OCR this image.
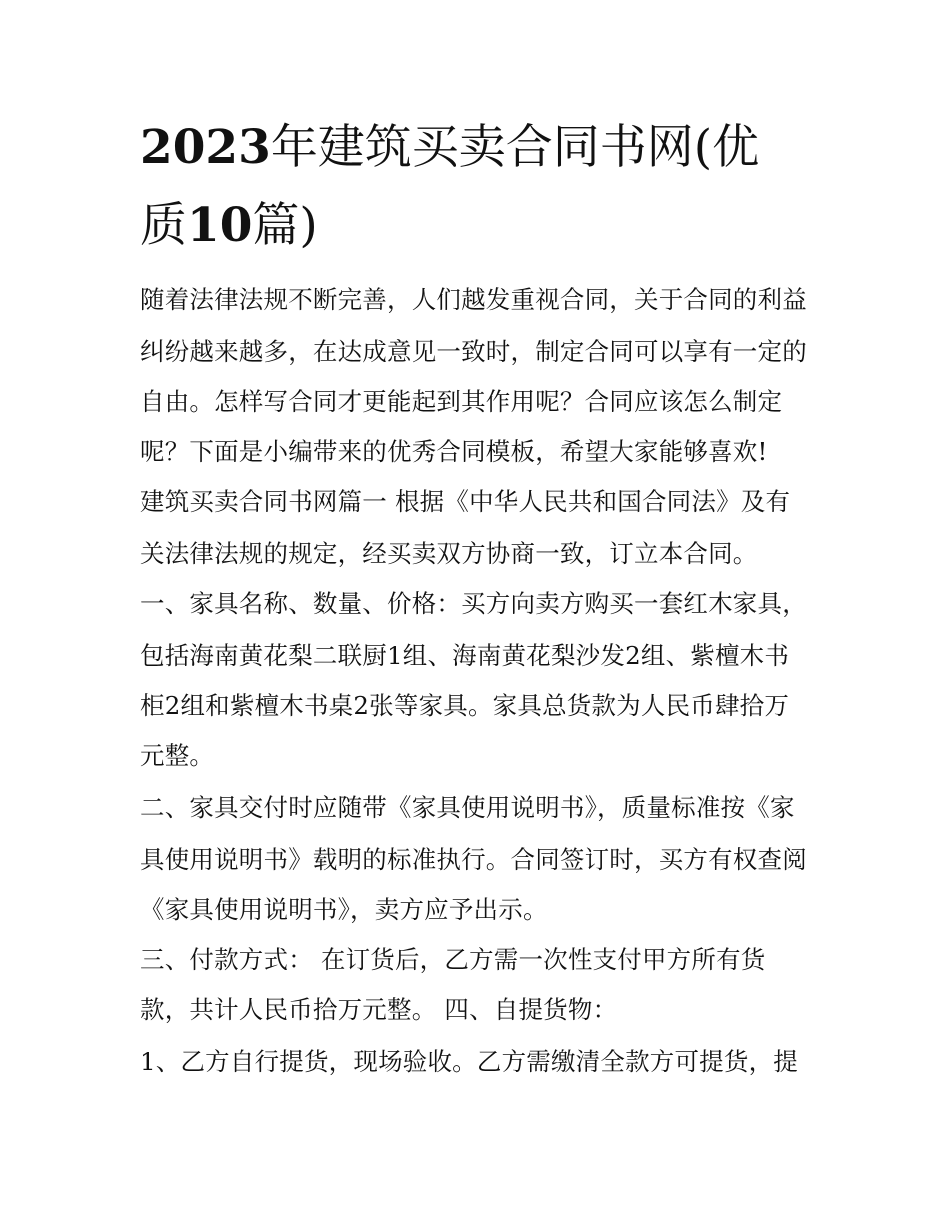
2023年建筑买卖合同书网(优
质10篇)

随着法律法规不断完善，人们越发重视合同，关于合同的利益

纠纷越来越多，在达成意见一致时，制定合同可以享有一定的

自由。怎样写合同才更能起到其作用呢？合同应该怎么制定

呢？下面是小编带来的优秀合同模板，希望大家能够喜欢!

建筑买卖合同书网篇一 根据《中华人民共和国合同法》及有

关法律法规的规定，经买卖双方协商一致，订立本合同。

一、家具名称、数量、价格：买方向卖方购买一套红木家具，

包括海南黄花梨二联厨1组、海南黄花梨沙发2组、紫檀木书

柜2组和紫檀木书桌2张等家具。家具总货款为人民币肆拾万

元整。

二、家具交付时应随带《家具使用说明书》，质量标准按《家

具使用说明书》载明的标准执行。合同签订时，买方有权查阅

《家具使用说明书》，卖方应予出示。

三、付款方式： 在订货后，乙方需一次性支付甲方所有货

款，共计人民币拾万元整。 四、自提货物：

1、乙方自行提货，现场验收。乙方需缴清全款方可提货，提
